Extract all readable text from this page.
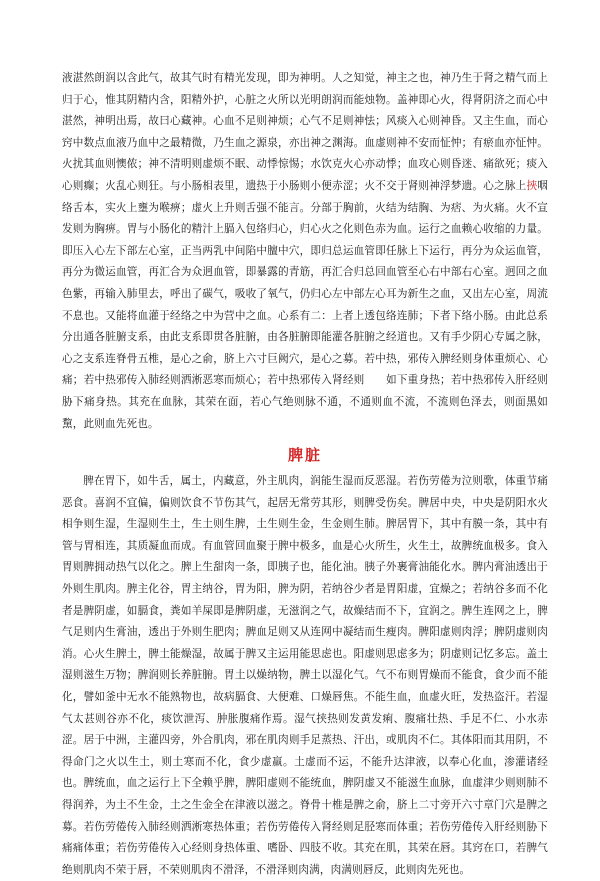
液湛然朗润以含此气，故其气时有精光发现，即为神明。人之知觉，神主之也，神乃生于肾之精气而上归于心，惟其阴精内含，阳精外护，心脏之火所以光明朗润而能烛物。盖神即心火，得肾阴济之而心中湛然，神明出焉，故曰心藏神。心血不足则神烦；心气不足则神怯；风痰入心则神昏。又主生血，而心窍中数点血液乃血中之最精微，乃生血之源泉，亦出神之渊海。血虚则神不安而怔忡；有瘀血亦怔忡。火扰其血则懊侬；神不清明则虚烦不眠、动悸惊惕；水饮克火心亦动悸；血攻心则昏迷、痛欲死；痰入心则癫；火乱心则狂。与小肠相表里，遗热于小肠则小便赤涩；火不交于肾则神浮梦遗。心之脉上挾咽络舌本，实火上壅为喉痹；虚火上升则舌强不能言。分部于胸前，火结为结胸、为痞、为火痛。火不宣发则为胸痹。胃与小肠化的精汁上膈入包络归心，归心火之化则色赤为血。运行之血赖心收缩的力量。即压入心左下部左心室，正当两乳中间陷中膻中穴，即归总运血管即任脉上下运行，再分为众运血管，再分为微运血管，再汇合为众迥血管，即暴露的青筋，再汇合归总回血管至心右中部右心室。迥回之血色紫，再输入肺里去，呼出了碳气，吸收了氧气，仍归心左中部左心耳为新生之血，又出左心室，周流不息也。又能将血灌于经络之中为营中之血。心系有二：上者上透包络连肺；下者下络小肠。由此总系分出通各脏腑支系，由此支系即贯各脏腑，由各脏腑即能灌各脏腑之经道也。又有手少阴心专属之脉，心之支系连脊骨五椎，是心之俞，脐上六寸巨阙穴，是心之募。若中热，邪传入脾经则身体重烦心、心痛；若中热邪传入肺经则洒淅恶寒而烦心；若中热邪传入肾经则　　如下重身热；若中热邪传入肝经则胁下痛身热。其充在血脉，其荣在面，若心气绝则脉不通，不通则血不流，不流则色泽去，则面黑如黧，此则血先死也。

脾脏

脾在胃下，如牛舌，属土，内藏意，外主肌肉，润能生湿而反恶湿。若伤劳倦为泣则歌，体重节痛恶食。喜润不宜偏，偏则饮食不节伤其气，起居无常劳其形，则脾受伤矣。脾居中央，中央是阴阳水火相争则生湿，生湿则生土，生土则生脾，土生则生金，生金则生肺。脾居胃下，其中有膜一条，其中有管与胃相连，其质凝血而成。有血管回血聚于脾中极多，血是心火所生，火生土，故脾统血极多。食入胃则脾拥动热气以化之。脾上生甜肉一条，即胰子也，能化油。胰子外裹膏油能化水。脾内膏油透出于外则生肌肉。脾主化谷，胃主纳谷，胃为阳，脾为阴，若纳谷少者是胃阳虚，宜燥之；若纳谷多而不化者是脾阴虚，如膈食，粪如羊屎即是脾阴虚，无滋润之气，故燥结而不下，宜润之。脾生连网之上，脾气足则内生膏油，透出于外则生肥肉；脾血足则又从连网中凝结而生瘦肉。脾阳虚则肉浮；脾阴虚则肉消。心火生脾土，脾土能燥湿，故属于脾又主运用能思虑也。阳虚则思虑多为；阴虚则记忆多忘。盖土湿则滋生万物；脾润则长养脏腑。胃土以燥纳物，脾土以湿化气。气不布则胃燥而不能食，食少而不能化，譬如釜中无水不能熟物也，故病膈食、大便难、口燥唇焦。不能生血，血虚火旺，发热盗汗。若湿气太甚则谷亦不化，痰饮泄泻、肿胀腹痛作焉。湿气挟热则发黄发痢、腹痛壮热、手足不仁、小水赤涩。居于中洲，主灌四旁，外合肌肉，邪在肌肉则手足蒸热、汗出，或肌肉不仁。其体阳而其用阴，不得命门之火以生土，则土寒而不化，食少虚羸。土虚而不运，不能升达津液，以奉心化血，渗灌诸经也。脾统血，血之运行上下全赖乎脾，脾阳虚则不能统血，脾阴虚又不能滋生血脉，血虚津少则则肺不得润养，为土不生金，土之生金全在津液以滋之。脊骨十椎是脾之俞，脐上二寸旁开六寸章门穴是脾之募。若伤劳倦传入肺经则洒淅寒热体重；若伤劳倦传入肾经则足胫寒而体重；若伤劳倦传入肝经则胁下痛痛体重；若伤劳倦传入心经则身热体重、嗜卧、四肢不收。其充在肌，其荣在唇。其窍在口，若脾气绝则肌肉不荣于唇，不荣则肌肉不滑泽，不滑泽则肉满，肉满则唇反，此则肉先死也。
